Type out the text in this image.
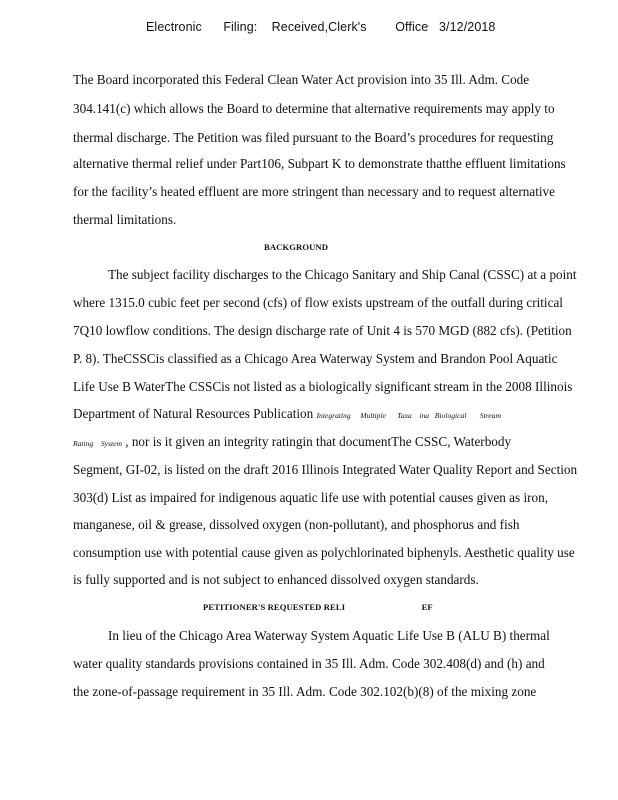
Electronic      Filing:    Received,Clerk's        Office   3/12/2018
The Board incorporated this Federal Clean Water Act provision into 35 Ill. Adm. Code
304.141(c) which allows the Board to determine that alternative requirements may apply to
thermal discharge. The Petition was filed pursuant to the Board’s procedures for requesting
alternative thermal relief under Part106, Subpart K to demonstrate thatthe effluent limitations
for the facility’s heated effluent are more stringent than necessary and to request alternative
thermal limitations.
BACKGROUND
The subject facility discharges to the Chicago Sanitary and Ship Canal (CSSC) at a point
where 1315.0 cubic feet per second (cfs) of flow exists upstream of the outfall during critical
7Q10 lowflow conditions. The design discharge rate of Unit 4 is 570 MGD (882 cfs). (Petition
P. 8). TheCSSCis classified as a Chicago Area Waterway System and Brandon Pool Aquatic
Life Use B WaterThe CSSCis not listed as a biologically significant stream in the 2008 Illinois
Department of Natural Resources Publication Integrating     Multiple      Taxa    ina   Biological       Stream
Rating    System , nor is it given an integrity ratingin that documentThe CSSC, Waterbody
Segment, GI-02, is listed on the draft 2016 Illinois Integrated Water Quality Report and Section
303(d) List as impaired for indigenous aquatic life use with potential causes given as iron,
manganese, oil & grease, dissolved oxygen (non-pollutant), and phosphorus and fish
consumption use with potential cause given as polychlorinated biphenyls. Aesthetic quality use
is fully supported and is not subject to enhanced dissolved oxygen standards.
PETITIONER'S REQUESTED RELI                                  EF
In lieu of the Chicago Area Waterway System Aquatic Life Use B (ALU B) thermal
water quality standards provisions contained in 35 Ill. Adm. Code 302.408(d) and (h) and
the zone-of-passage requirement in 35 Ill. Adm. Code 302.102(b)(8) of the mixing zone
